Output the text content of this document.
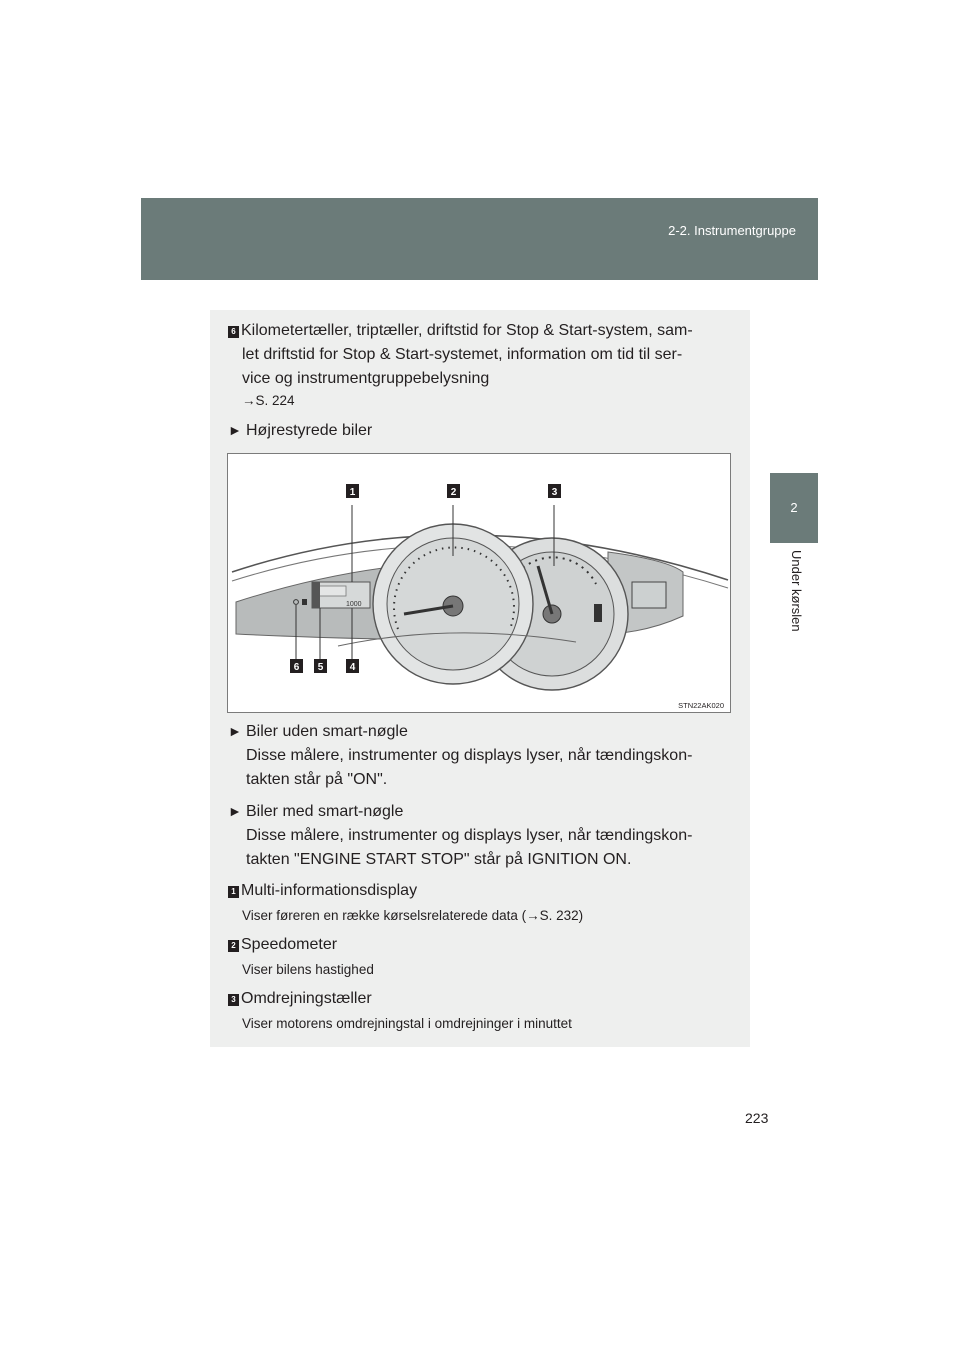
2-2. Instrumentgruppe
2
Under kørslen
223
6 Kilometertæller, triptæller, driftstid for Stop & Start-system, sam-
let driftstid for Stop & Start-systemet, information om tid til ser-
vice og instrumentgruppebelysning
→S. 224
► Højrestyrede biler
1000
1	2	3
4
5
6
STN22AK020
► Biler uden smart-nøgle
Disse målere, instrumenter og displays lyser, når tændingskon-
takten står på "ON".
► Biler med smart-nøgle
Disse målere, instrumenter og displays lyser, når tændingskon-
takten "ENGINE START STOP" står på IGNITION ON.
1 Multi-informationsdisplay
Viser føreren en række kørselsrelaterede data (→S. 232)
2 Speedometer
Viser bilens hastighed
3 Omdrejningstæller
Viser motorens omdrejningstal i omdrejninger i minuttet
